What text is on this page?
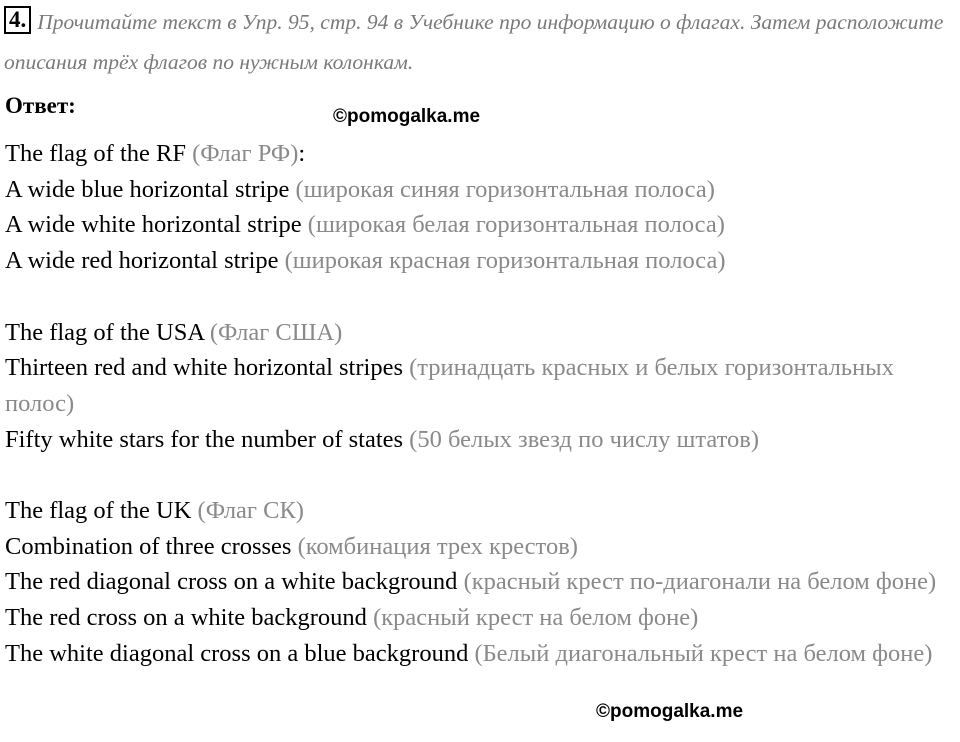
4. Прочитайте текст в Упр. 95, стр. 94 в Учебнике про информацию о флагах. Затем расположите описания трёх флагов по нужным колонкам.
Ответ:	©pomogalka.me
The flag of the RF (Флаг РФ):
A wide blue horizontal stripe (широкая синяя горизонтальная полоса)
A wide white horizontal stripe (широкая белая горизонтальная полоса)
A wide red horizontal stripe (широкая красная горизонтальная полоса)
The flag of the USA (Флаг США)
Thirteen red and white horizontal stripes (тринадцать красных и белых горизонтальных полос)
Fifty white stars for the number of states (50 белых звезд по числу штатов)
The flag of the UK (Флаг СК)
Combination of three crosses (комбинация трех крестов)
The red diagonal cross on a white background (красный крест по-диагонали на белом фоне)
The red cross on a white background (красный крест на белом фоне)
The white diagonal cross on a blue background (Белый диагональный крест на белом фоне)
©pomogalka.me
